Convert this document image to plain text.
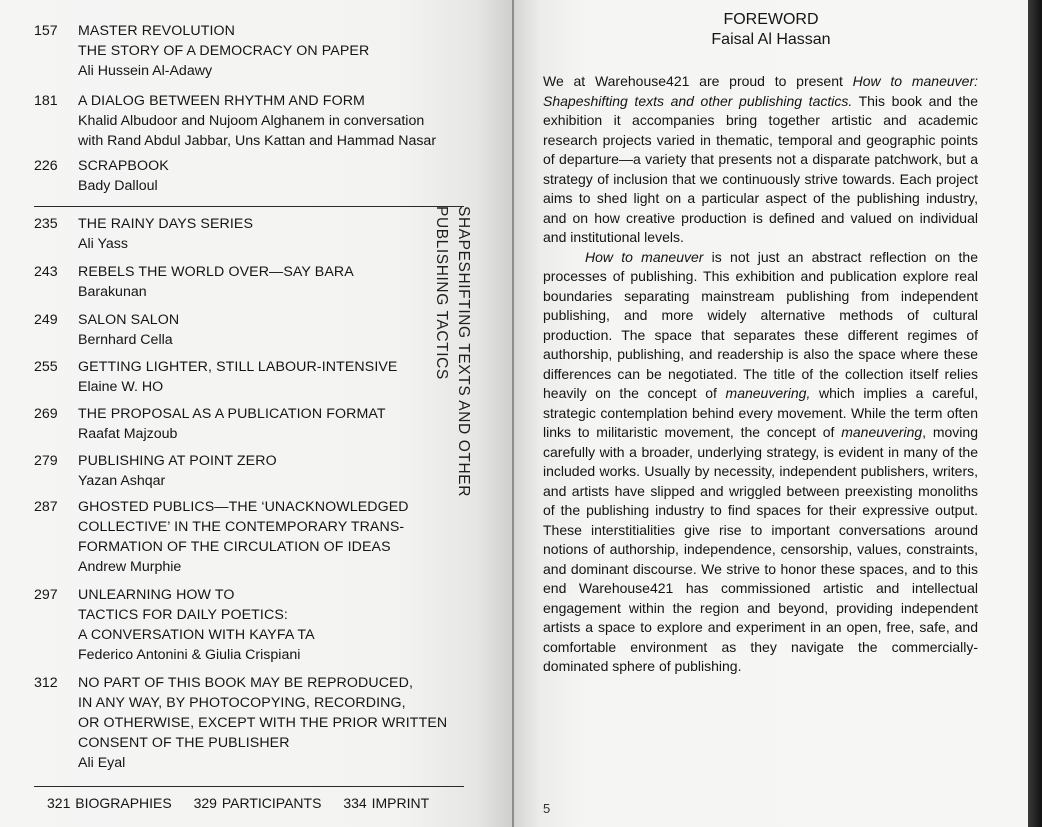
157	MASTER REVOLUTION
THE STORY OF A DEMOCRACY ON PAPER
Ali Hussein Al-Adawy
181	A DIALOG BETWEEN RHYTHM AND FORM
Khalid Albudoor and Nujoom Alghanem in conversation
with Rand Abdul Jabbar, Uns Kattan and Hammad Nasar
226	SCRAPBOOK
Bady Dalloul
235	THE RAINY DAYS SERIES
Ali Yass
243	REBELS THE WORLD OVER—SAY BARA
Barakunan
249	SALON SALON
Bernhard Cella
255	GETTING LIGHTER, STILL LABOUR-INTENSIVE
Elaine W. HO
269	THE PROPOSAL AS A PUBLICATION FORMAT
Raafat Majzoub
279	PUBLISHING AT POINT ZERO
Yazan Ashqar
287	GHOSTED PUBLICS—THE ‘UNACKNOWLEDGED
COLLECTIVE’ IN THE CONTEMPORARY TRANS-
FORMATION OF THE CIRCULATION OF IDEAS
Andrew Murphie
297	UNLEARNING HOW TO
TACTICS FOR DAILY POETICS:
A CONVERSATION WITH KAYFA TA
Federico Antonini & Giulia Crispiani
312	NO PART OF THIS BOOK MAY BE REPRODUCED,
IN ANY WAY, BY PHOTOCOPYING, RECORDING,
OR OTHERWISE, EXCEPT WITH THE PRIOR WRITTEN
CONSENT OF THE PUBLISHER
Ali Eyal
321 BIOGRAPHIES 329 PARTICIPANTS 334 IMPRINT
SHAPESHIFTING TEXTS AND OTHER
PUBLISHING TACTICS
FOREWORD
Faisal Al Hassan

We at Warehouse421 are proud to present How to maneuver: Shapeshifting texts and other publishing tactics. This book and the exhibition it accompanies bring together artistic and academic research projects varied in thematic, temporal and geographic points of departure—a variety that presents not a disparate patchwork, but a strategy of inclusion that we continuously strive towards. Each project aims to shed light on a particular aspect of the publishing industry, and on how creative production is defined and valued on individual and institutional levels.

How to maneuver is not just an abstract reflection on the processes of publishing. This exhibition and publication explore real boundaries separating mainstream publishing from independent publishing, and more widely alternative methods of cultural production. The space that separates these different regimes of authorship, publishing, and readership is also the space where these differences can be negotiated. The title of the collection itself relies heavily on the concept of maneuvering, which implies a careful, strategic contemplation behind every movement. While the term often links to militaristic movement, the concept of maneuvering, moving carefully with a broader, underlying strategy, is evident in many of the included works. Usually by necessity, independent publishers, writers, and artists have slipped and wriggled between preexisting monoliths of the publishing industry to find spaces for their expressive output. These interstitialities give rise to important conversations around notions of authorship, independence, censorship, values, constraints, and dominant discourse. We strive to honor these spaces, and to this end Warehouse421 has commissioned artistic and intellectual engagement within the region and beyond, providing independent artists a space to explore and experiment in an open, free, safe, and comfortable environment as they navigate the commercially-dominated sphere of publishing.

5
